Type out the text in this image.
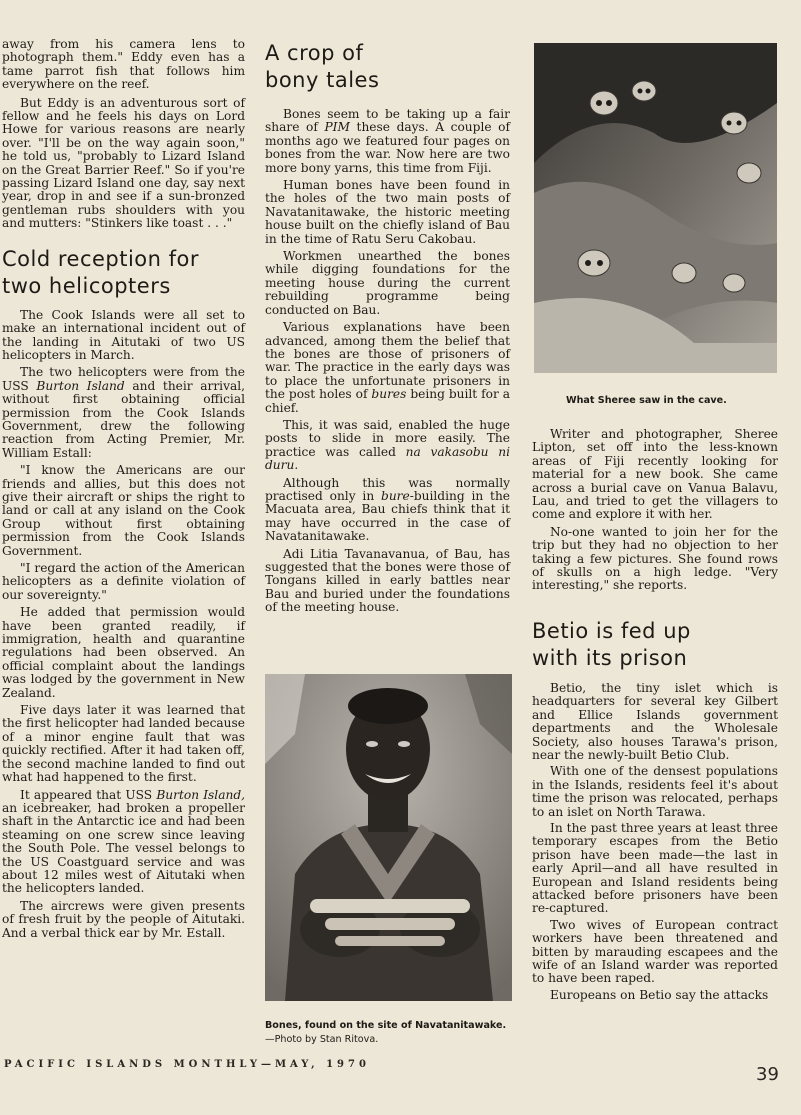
away from his camera lens to photograph them." Eddy even has a tame parrot fish that follows him everywhere on the reef.

But Eddy is an adventurous sort of fellow and he feels his days on Lord Howe for various reasons are nearly over. "I'll be on the way again soon," he told us, "probably to Lizard Island on the Great Barrier Reef." So if you're passing Lizard Island one day, say next year, drop in and see if a sun-bronzed gentleman rubs shoulders with you and mutters: "Stinkers like toast . . ."

Cold reception for two helicopters

The Cook Islands were all set to make an international incident out of the landing in Aitutaki of two US helicopters in March.

The two helicopters were from the USS Burton Island and their arrival, without first obtaining official permission from the Cook Islands Government, drew the following reaction from Acting Premier, Mr. William Estall:

"I know the Americans are our friends and allies, but this does not give their aircraft or ships the right to land or call at any island on the Cook Group without first obtaining permission from the Cook Islands Government.

"I regard the action of the American helicopters as a definite violation of our sovereignty."

He added that permission would have been granted readily, if immigration, health and quarantine regulations had been observed. An official complaint about the landings was lodged by the government in New Zealand.

Five days later it was learned that the first helicopter had landed because of a minor engine fault that was quickly rectified. After it had taken off, the second machine landed to find out what had happened to the first.

It appeared that USS Burton Island, an icebreaker, had broken a propeller shaft in the Antarctic ice and had been steaming on one screw since leaving the South Pole. The vessel belongs to the US Coastguard service and was about 12 miles west of Aitutaki when the helicopters landed.

The aircrews were given presents of fresh fruit by the people of Aitutaki. And a verbal thick ear by Mr. Estall.

A crop of bony tales

Bones seem to be taking up a fair share of PIM these days. A couple of months ago we featured four pages on bones from the war. Now here are two more bony yarns, this time from Fiji.

Human bones have been found in the holes of the two main posts of Navatanitawake, the historic meeting house built on the chiefly island of Bau in the time of Ratu Seru Cakobau.

Workmen unearthed the bones while digging foundations for the meeting house during the current rebuilding programme being conducted on Bau.

Various explanations have been advanced, among them the belief that the bones are those of prisoners of war. The practice in the early days was to place the unfortunate prisoners in the post holes of bures being built for a chief.

This, it was said, enabled the huge posts to slide in more easily. The practice was called na vakasobu ni duru.

Although this was normally practised only in bure-building in the Macuata area, Bau chiefs think that it may have occurred in the case of Navatanitawake.

Adi Litia Tavanavanua, of Bau, has suggested that the bones were those of Tongans killed in early battles near Bau and buried under the foundations of the meeting house.

Bones, found on the site of Navatanitawake.—Photo by Stan Ritova.
What Sheree saw in the cave.

Writer and photographer, Sheree Lipton, set off into the less-known areas of Fiji recently looking for material for a new book. She came across a burial cave on Vanua Balavu, Lau, and tried to get the villagers to come and explore it with her.

No-one wanted to join her for the trip but they had no objection to her taking a few pictures. She found rows of skulls on a high ledge. "Very interesting," she reports.

Betio is fed up with its prison

Betio, the tiny islet which is headquarters for several key Gilbert and Ellice Islands government departments and the Wholesale Society, also houses Tarawa's prison, near the newly-built Betio Club.

With one of the densest populations in the Islands, residents feel it's about time the prison was relocated, perhaps to an islet on North Tarawa.

In the past three years at least three temporary escapes from the Betio prison have been made—the last in early April—and all have resulted in European and Island residents being attacked before prisoners have been re-captured.

Two wives of European contract workers have been threatened and bitten by marauding escapees and the wife of an Island warder was reported to have been raped.

Europeans on Betio say the attacks

PACIFIC ISLANDS MONTHLY—MAY, 1970	39
